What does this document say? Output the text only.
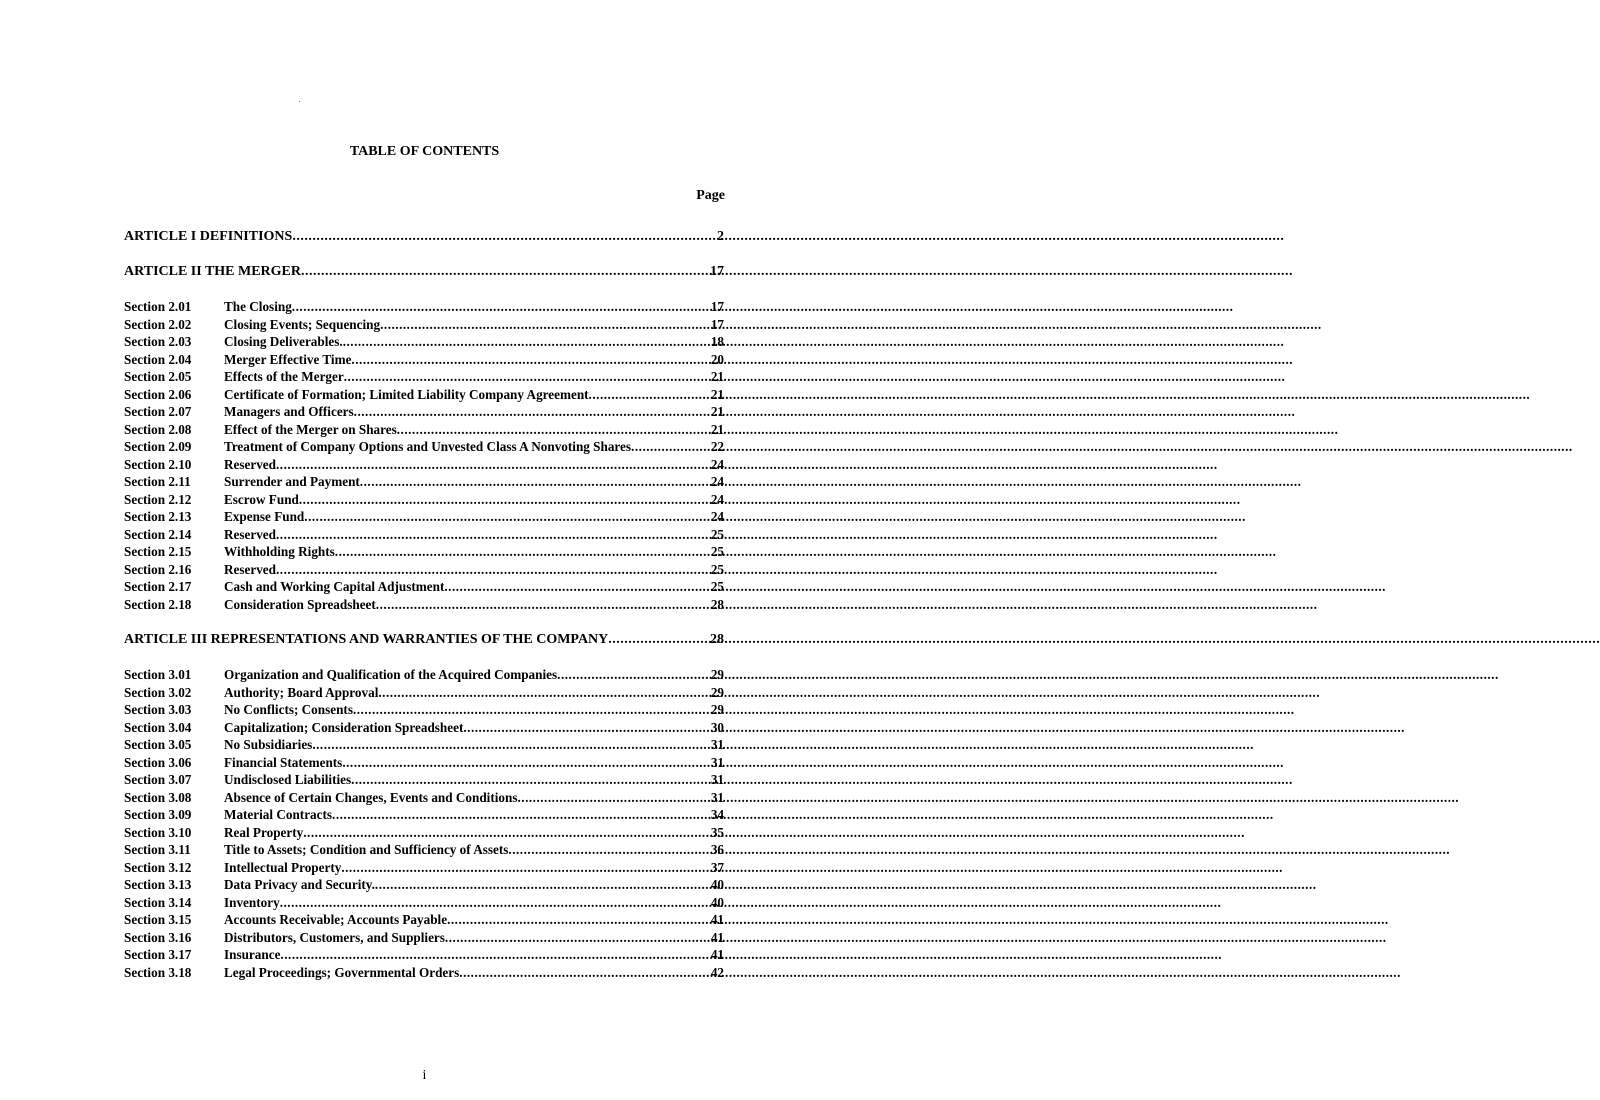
TABLE OF CONTENTS
Page
ARTICLE I DEFINITIONS .....	2
ARTICLE II THE MERGER .....	17
Section 2.01	The Closing .....	17
Section 2.02	Closing Events; Sequencing .....	17
Section 2.03	Closing Deliverables. .....	18
Section 2.04	Merger Effective Time .....	20
Section 2.05	Effects of the Merger .....	21
Section 2.06	Certificate of Formation; Limited Liability Company Agreement .....	21
Section 2.07	Managers and Officers .....	21
Section 2.08	Effect of the Merger on Shares .....	21
Section 2.09	Treatment of Company Options and Unvested Class A Nonvoting Shares .....	22
Section 2.10	Reserved .....	24
Section 2.11	Surrender and Payment .....	24
Section 2.12	Escrow Fund .....	24
Section 2.13	Expense Fund .....	24
Section 2.14	Reserved .....	25
Section 2.15	Withholding Rights .....	25
Section 2.16	Reserved .....	25
Section 2.17	Cash and Working Capital Adjustment .....	25
Section 2.18	Consideration Spreadsheet .....	28
ARTICLE III REPRESENTATIONS AND WARRANTIES OF THE COMPANY .....	28
Section 3.01	Organization and Qualification of the Acquired Companies .....	29
Section 3.02	Authority; Board Approval .....	29
Section 3.03	No Conflicts; Consents .....	29
Section 3.04	Capitalization; Consideration Spreadsheet .....	30
Section 3.05	No Subsidiaries .....	31
Section 3.06	Financial Statements .....	31
Section 3.07	Undisclosed Liabilities .....	31
Section 3.08	Absence of Certain Changes, Events and Conditions .....	31
Section 3.09	Material Contracts .....	34
Section 3.10	Real Property .....	35
Section 3.11	Title to Assets; Condition and Sufficiency of Assets .....	36
Section 3.12	Intellectual Property .....	37
Section 3.13	Data Privacy and Security. .....	40
Section 3.14	Inventory .....	40
Section 3.15	Accounts Receivable; Accounts Payable .....	41
Section 3.16	Distributors, Customers, and Suppliers .....	41
Section 3.17	Insurance .....	41
Section 3.18	Legal Proceedings; Governmental Orders .....	42
i
